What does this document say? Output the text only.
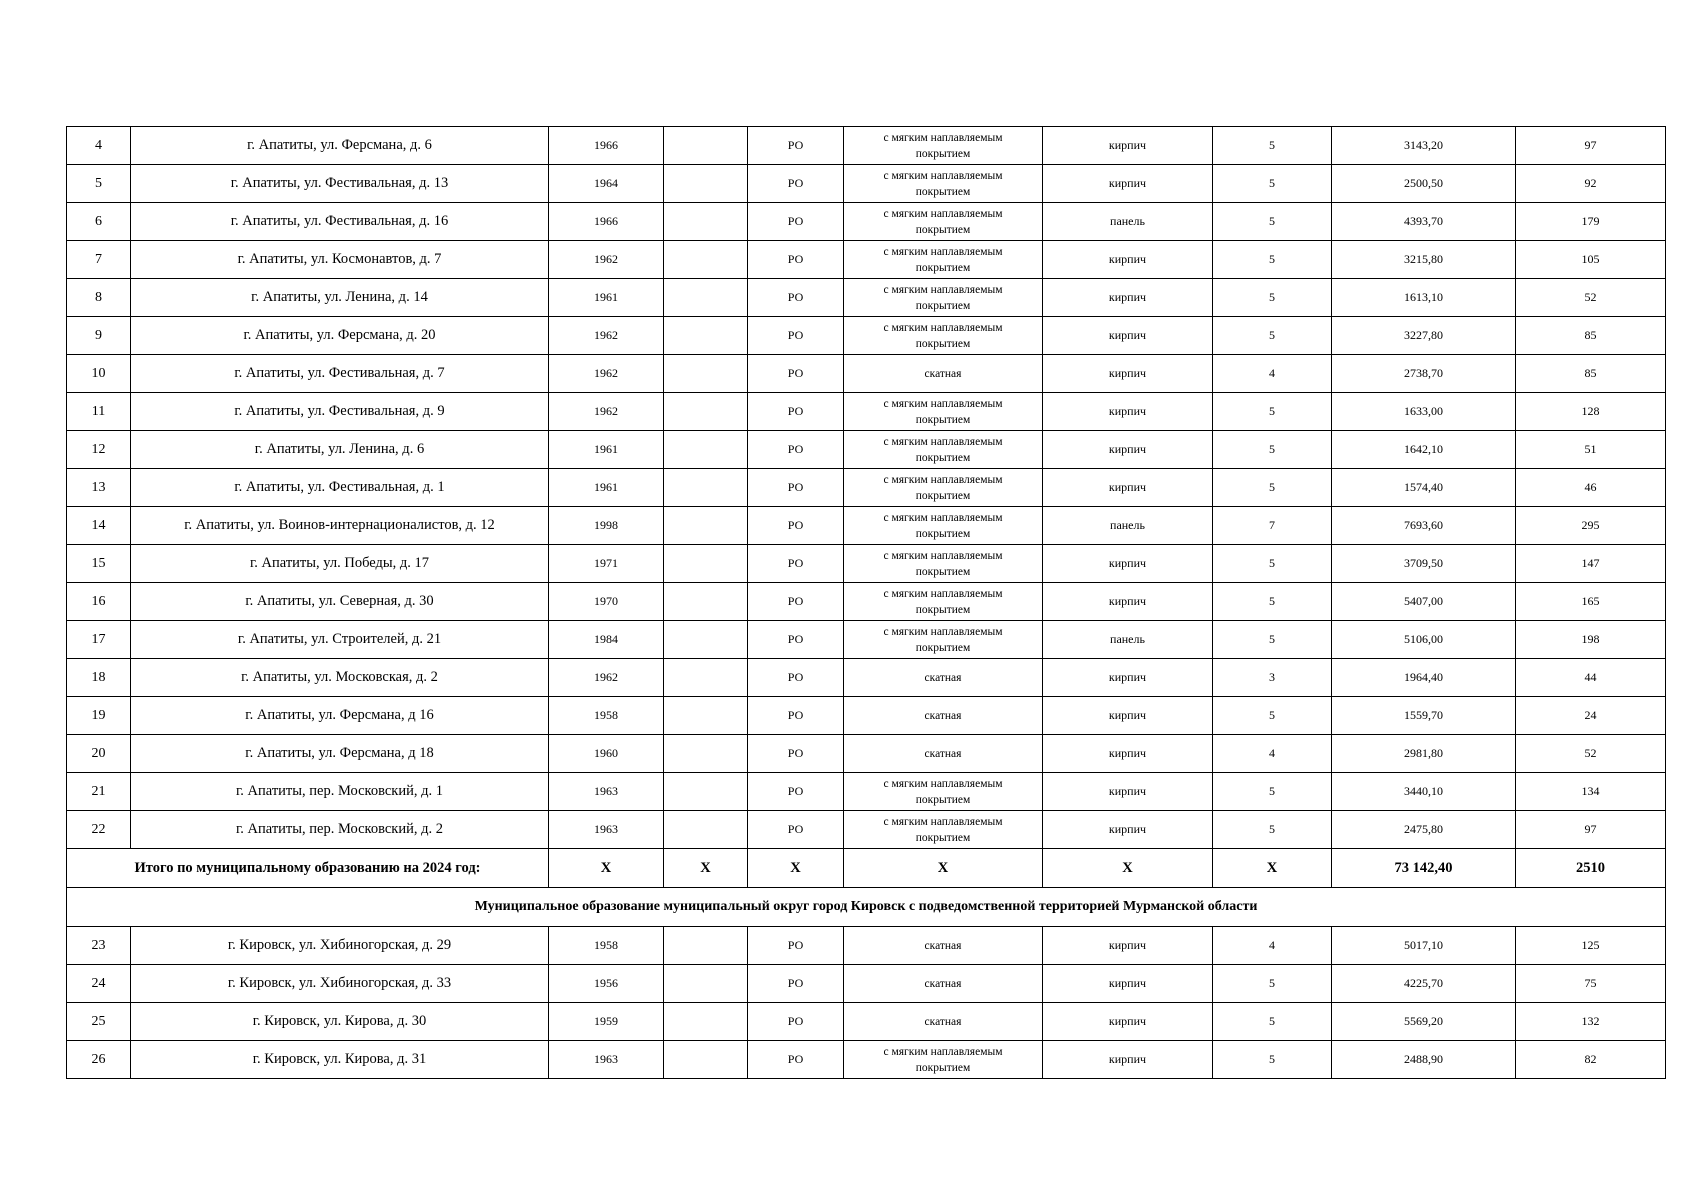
4	г. Апатиты, ул. Ферсмана, д. 6	1966		РО	с мягким наплавляемым
покрытием	кирпич	5	3143,20	97
5	г. Апатиты, ул. Фестивальная, д. 13	1964		РО	с мягким наплавляемым
покрытием	кирпич	5	2500,50	92
6	г. Апатиты, ул. Фестивальная, д. 16	1966		РО	с мягким наплавляемым
покрытием	панель	5	4393,70	179
7	г. Апатиты, ул. Космонавтов, д. 7	1962		РО	с мягким наплавляемым
покрытием	кирпич	5	3215,80	105
8	г. Апатиты, ул. Ленина, д. 14	1961		РО	с мягким наплавляемым
покрытием	кирпич	5	1613,10	52
9	г. Апатиты, ул. Ферсмана, д. 20	1962		РО	с мягким наплавляемым
покрытием	кирпич	5	3227,80	85
10	г. Апатиты, ул. Фестивальная, д. 7	1962		РО	скатная	кирпич	4	2738,70	85
11	г. Апатиты, ул. Фестивальная, д. 9	1962		РО	с мягким наплавляемым
покрытием	кирпич	5	1633,00	128
12	г. Апатиты, ул. Ленина, д. 6	1961		РО	с мягким наплавляемым
покрытием	кирпич	5	1642,10	51
13	г. Апатиты, ул. Фестивальная, д. 1	1961		РО	с мягким наплавляемым
покрытием	кирпич	5	1574,40	46
14	г. Апатиты, ул. Воинов-интернационалистов, д. 12	1998		РО	с мягким наплавляемым
покрытием	панель	7	7693,60	295
15	г. Апатиты, ул. Победы, д. 17	1971		РО	с мягким наплавляемым
покрытием	кирпич	5	3709,50	147
16	г. Апатиты, ул. Северная, д. 30	1970		РО	с мягким наплавляемым
покрытием	кирпич	5	5407,00	165
17	г. Апатиты, ул. Строителей, д. 21	1984		РО	с мягким наплавляемым
покрытием	панель	5	5106,00	198
18	г. Апатиты, ул. Московская, д. 2	1962		РО	скатная	кирпич	3	1964,40	44
19	г. Апатиты, ул. Ферсмана, д 16	1958		РО	скатная	кирпич	5	1559,70	24
20	г. Апатиты, ул. Ферсмана, д 18	1960		РО	скатная	кирпич	4	2981,80	52
21	г. Апатиты, пер. Московский, д. 1	1963		РО	с мягким наплавляемым
покрытием	кирпич	5	3440,10	134
22	г. Апатиты, пер. Московский, д. 2	1963		РО	с мягким наплавляемым
покрытием	кирпич	5	2475,80	97
Итого по муниципальному образованию на 2024 год:		X	X	X	X	X	X	73 142,40	2510
Муниципальное образование муниципальный округ город Кировск с подведомственной территорией Мурманской области									
23	г. Кировск, ул. Хибиногорская, д. 29	1958		РО	скатная	кирпич	4	5017,10	125
24	г. Кировск, ул. Хибиногорская, д. 33	1956		РО	скатная	кирпич	5	4225,70	75
25	г. Кировск, ул. Кирова, д. 30	1959		РО	скатная	кирпич	5	5569,20	132
26	г. Кировск, ул. Кирова, д. 31	1963		РО	с мягким наплавляемым
покрытием	кирпич	5	2488,90	82
